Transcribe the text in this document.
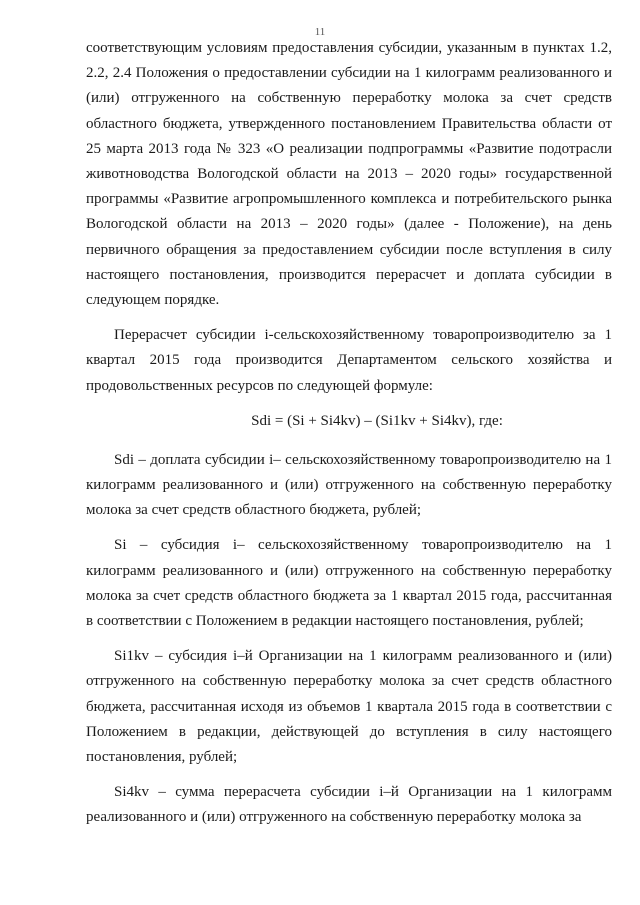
11

соответствующим условиям предоставления субсидии, указанным в пунктах 1.2, 2.2, 2.4 Положения о предоставлении субсидии на 1 килограмм реализованного и (или) отгруженного на собственную переработку молока за счет средств областного бюджета, утвержденного постановлением Правительства области от 25 марта 2013 года № 323 «О реализации подпрограммы «Развитие подотрасли животноводства Вологодской области на 2013 – 2020 годы» государственной программы «Развитие агропромышленного комплекса и потребительского рынка Вологодской области на 2013 – 2020 годы» (далее - Положение), на день первичного обращения за предоставлением субсидии после вступления в силу настоящего постановления, производится перерасчет и доплата субсидии в следующем порядке.

Перерасчет субсидии i-сельскохозяйственному товаропроизводителю за 1 квартал 2015 года производится Департаментом сельского хозяйства и продовольственных ресурсов по следующей формуле:

Sdi = (Si + Si4kv) – (Si1kv + Si4kv), где:

Sdi – доплата субсидии i– сельскохозяйственному товаропроизводителю на 1 килограмм реализованного и (или) отгруженного на собственную переработку молока за счет средств областного бюджета, рублей;

Si – субсидия i– сельскохозяйственному товаропроизводителю на 1 килограмм реализованного и (или) отгруженного на собственную переработку молока за счет средств областного бюджета за 1 квартал 2015 года, рассчитанная в соответствии с Положением в редакции настоящего постановления, рублей;

Si1kv – субсидия i–й Организации на 1 килограмм реализованного и (или) отгруженного на собственную переработку молока за счет средств областного бюджета, рассчитанная исходя из объемов 1 квартала 2015 года в соответствии с Положением в редакции, действующей до вступления в силу настоящего постановления, рублей;

Si4kv – сумма перерасчета субсидии i–й Организации на 1 килограмм реализованного и (или) отгруженного на собственную переработку молока за
